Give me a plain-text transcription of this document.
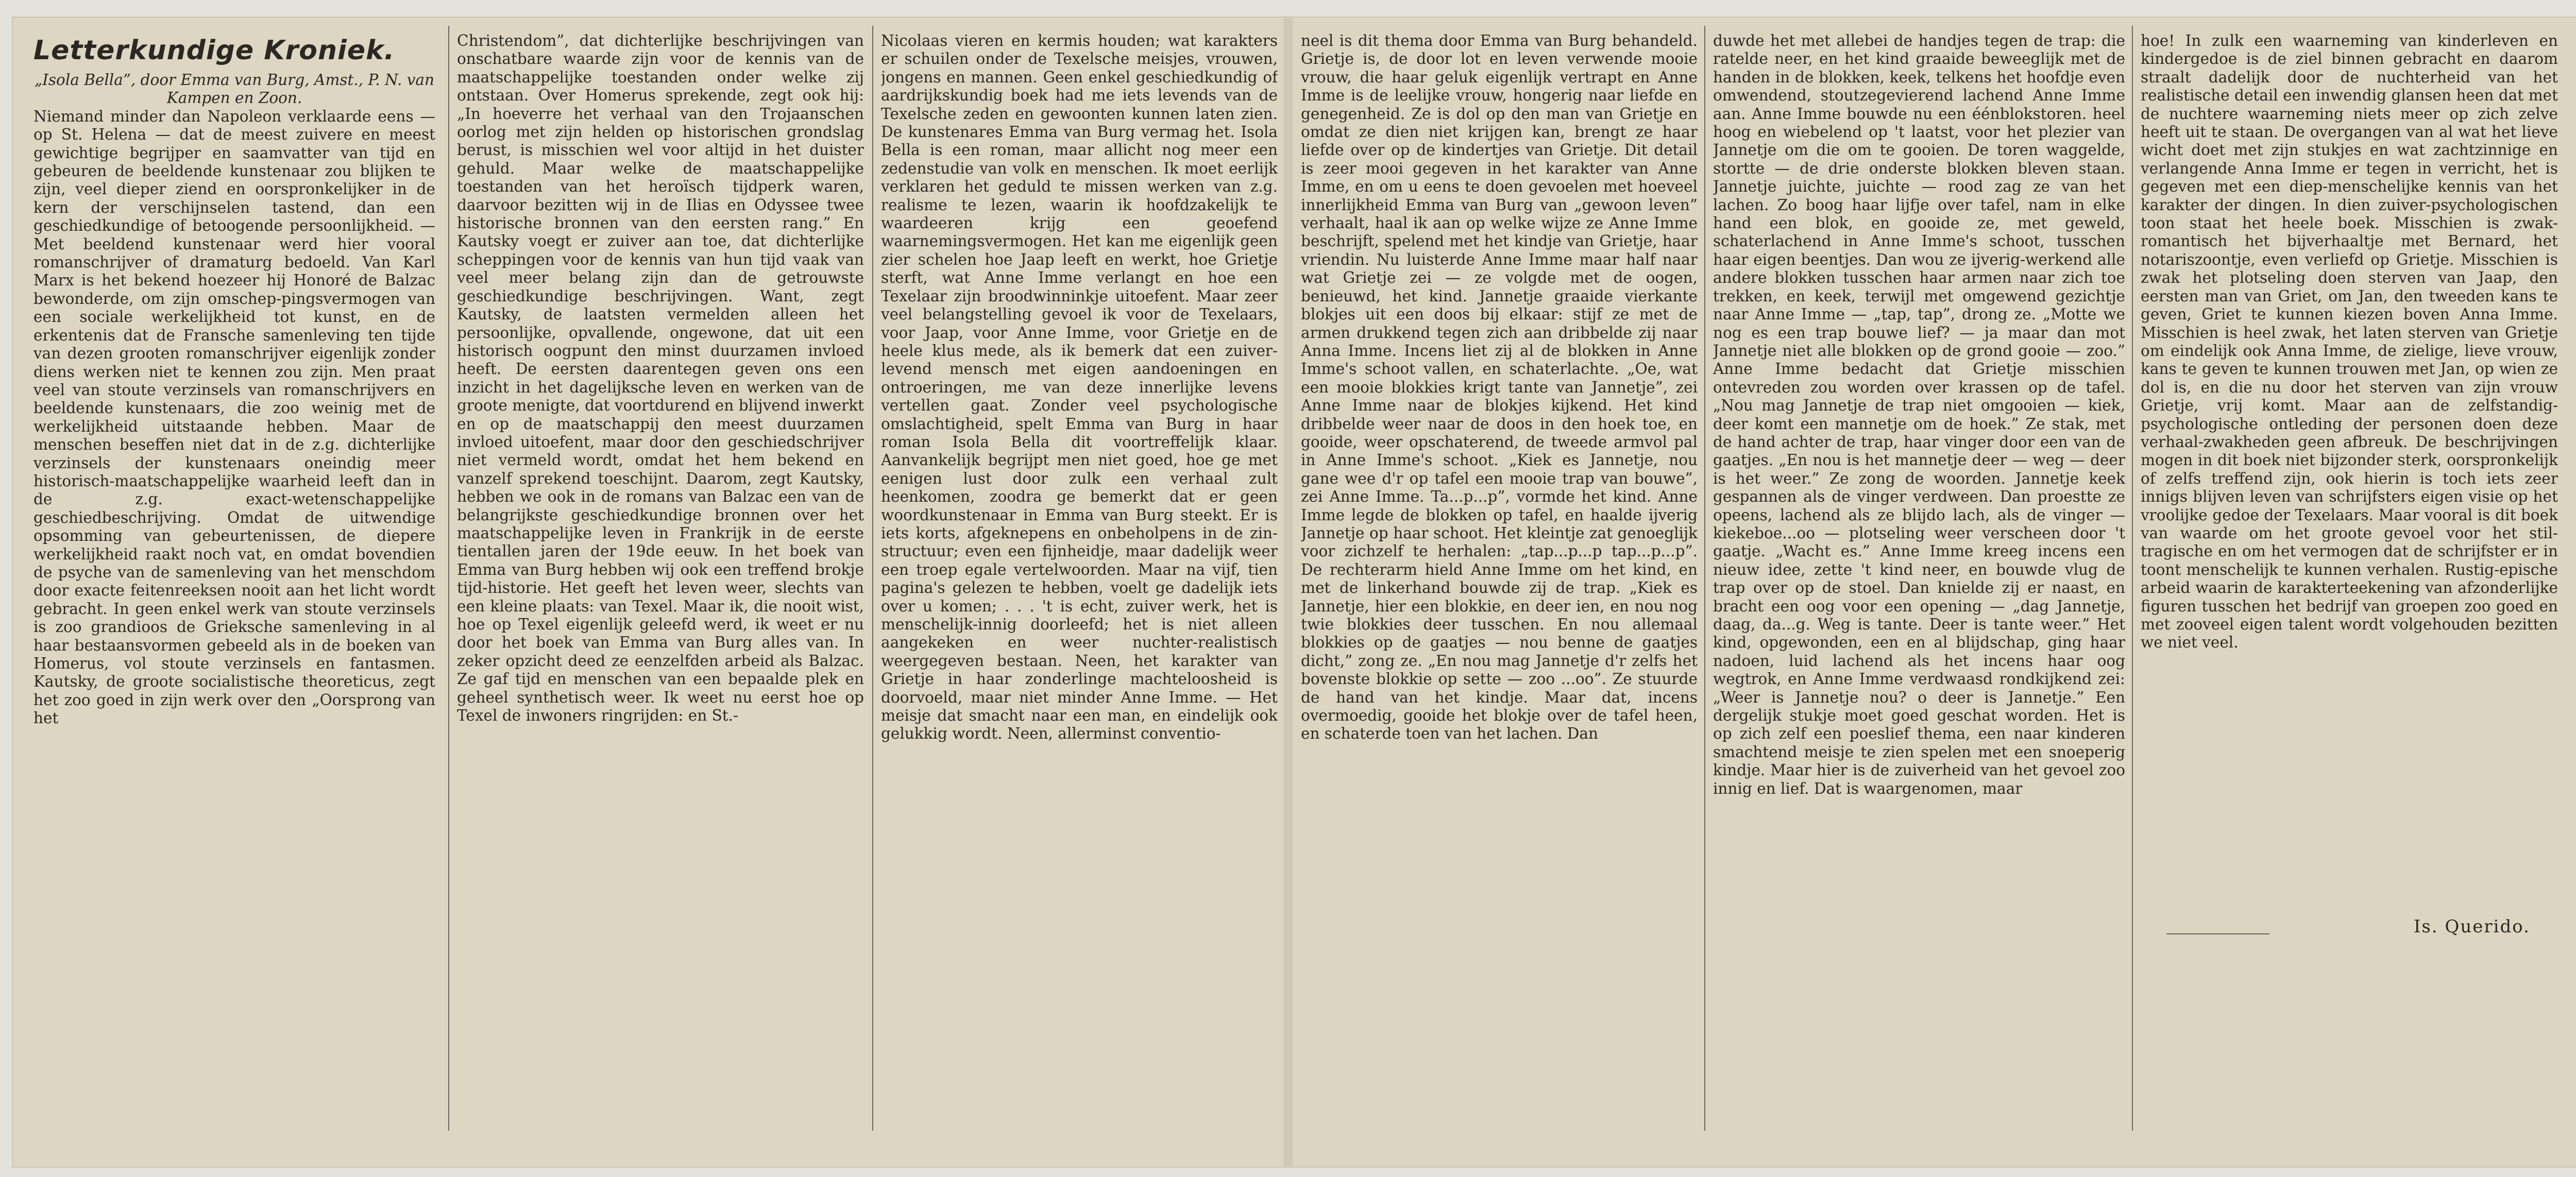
Letterkundige Kroniek.

„Isola Bella”, door Emma van Burg, Amst., P. N. van Kampen en Zoon.

Niemand minder dan Napoleon verklaarde eens — op St. Helena — dat de meest zuivere en meest gewichtige begrijper en saamvatter van tijd en gebeuren de beeldende kunstenaar zou blijken te zijn, veel dieper ziend en oorspronkelijker in de kern der verschijnselen tastend, dan een geschiedkundige of betoogende persoonlijkheid. — Met beeldend kunstenaar werd hier vooral romanschrijver of dramaturg bedoeld. Van Karl Marx is het bekend hoezeer hij Honoré de Balzac bewonderde, om zijn omschep-pingsvermogen van een sociale werkelijkheid tot kunst, en de erkentenis dat de Fransche samenleving ten tijde van dezen grooten romanschrijver eigenlijk zonder diens werken niet te kennen zou zijn. Men praat veel van stoute verzinsels van romanschrijvers en beeldende kunstenaars, die zoo weinig met de werkelijkheid uitstaande hebben. Maar de menschen beseffen niet dat in de z.g. dichterlijke verzinsels der kunstenaars oneindig meer historisch-maatschappelijke waarheid leeft dan in de z.g. exact-wetenschappelijke geschiedbeschrijving. Omdat de uitwendige opsomming van gebeurtenissen, de diepere werkelijkheid raakt noch vat, en omdat bovendien de psyche van de samenleving van het menschdom door exacte feitenreeksen nooit aan het licht wordt gebracht. In geen enkel werk van stoute verzinsels is zoo grandioos de Grieksche samenleving in al haar bestaansvormen gebeeld als in de boeken van Homerus, vol stoute verzinsels en fantasmen. Kautsky, de groote socialistische theoreticus, zegt het zoo goed in zijn werk over den „Oorsprong van het

Christendom”, dat dichterlijke beschrijvingen van onschatbare waarde zijn voor de kennis van de maatschappelijke toestanden onder welke zij ontstaan. Over Homerus sprekende, zegt ook hij: „In hoeverre het verhaal van den Trojaanschen oorlog met zijn helden op historischen grondslag berust, is misschien wel voor altijd in het duister gehuld. Maar welke de maatschappelijke toestanden van het heroïsch tijdperk waren, daarvoor bezitten wij in de Ilias en Odyssee twee historische bronnen van den eersten rang.” En Kautsky voegt er zuiver aan toe, dat dichterlijke scheppingen voor de kennis van hun tijd vaak van veel meer belang zijn dan de getrouwste geschiedkundige beschrijvingen. Want, zegt Kautsky, de laatsten vermelden alleen het persoonlijke, opvallende, ongewone, dat uit een historisch oogpunt den minst duurzamen invloed heeft. De eersten daarentegen geven ons een inzicht in het dagelijksche leven en werken van de groote menigte, dat voortdurend en blijvend inwerkt en op de maatschappij den meest duurzamen invloed uitoefent, maar door den geschiedschrijver niet vermeld wordt, omdat het hem bekend en vanzelf sprekend toeschijnt. Daarom, zegt Kautsky, hebben we ook in de romans van Balzac een van de belangrijkste geschiedkundige bronnen over het maatschappelijke leven in Frankrijk in de eerste tientallen jaren der 19de eeuw. In het boek van Emma van Burg hebben wij ook een treffend brokje tijd-historie. Het geeft het leven weer, slechts van een kleine plaats: van Texel. Maar ik, die nooit wist, hoe op Texel eigenlijk geleefd werd, ik weet er nu door het boek van Emma van Burg alles van. In zeker opzicht deed ze eenzelfden arbeid als Balzac. Ze gaf tijd en menschen van een bepaalde plek en geheel synthetisch weer. Ik weet nu eerst hoe op Texel de inwoners ringrijden: en St.-

Nicolaas vieren en kermis houden; wat karakters er schuilen onder de Texelsche meisjes, vrouwen, jongens en mannen. Geen enkel geschiedkundig of aardrijkskundig boek had me iets levends van de Texelsche zeden en gewoonten kunnen laten zien. De kunstenares Emma van Burg vermag het. Isola Bella is een roman, maar allicht nog meer een zedenstudie van volk en menschen. Ik moet eerlijk verklaren het geduld te missen werken van z.g. realisme te lezen, waarin ik hoofdzakelijk te waardeeren krijg een geoefend waarnemingsvermogen. Het kan me eigenlijk geen zier schelen hoe Jaap leeft en werkt, hoe Grietje sterft, wat Anne Imme verlangt en hoe een Texelaar zijn broodwinninkje uitoefent. Maar zeer veel belangstelling gevoel ik voor de Texelaars, voor Jaap, voor Anne Imme, voor Grietje en de heele klus mede, als ik bemerk dat een zuiver-levend mensch met eigen aandoeningen en ontroeringen, me van deze innerlijke levens vertellen gaat. Zonder veel psychologische omslachtigheid, spelt Emma van Burg in haar roman Isola Bella dit voortreffelijk klaar. Aanvankelijk begrijpt men niet goed, hoe ge met eenigen lust door zulk een verhaal zult heenkomen, zoodra ge bemerkt dat er geen woordkunstenaar in Emma van Burg steekt. Er is iets korts, afgeknepens en onbeholpens in de zin-structuur; even een fijnheidje, maar dadelijk weer een troep egale vertelwoorden. Maar na vijf, tien pagina's gelezen te hebben, voelt ge dadelijk iets over u komen; . . . 't is echt, zuiver werk, het is menschelijk-innig doorleefd; het is niet alleen aangekeken en weer nuchter-realistisch weergegeven bestaan. Neen, het karakter van Grietje in haar zonderlinge machteloosheid is doorvoeld, maar niet minder Anne Imme. — Het meisje dat smacht naar een man, en eindelijk ook gelukkig wordt. Neen, allerminst conventio-

neel is dit thema door Emma van Burg behandeld. Grietje is, de door lot en leven verwende mooie vrouw, die haar geluk eigenlijk vertrapt en Anne Imme is de leelijke vrouw, hongerig naar liefde en genegenheid. Ze is dol op den man van Grietje en omdat ze dien niet krijgen kan, brengt ze haar liefde over op de kindertjes van Grietje. Dit detail is zeer mooi gegeven in het karakter van Anne Imme, en om u eens te doen gevoelen met hoeveel innerlijkheid Emma van Burg van „gewoon leven” verhaalt, haal ik aan op welke wijze ze Anne Imme beschrijft, spelend met het kindje van Grietje, haar vriendin. Nu luisterde Anne Imme maar half naar wat Grietje zei — ze volgde met de oogen, benieuwd, het kind. Jannetje graaide vierkante blokjes uit een doos bij elkaar: stijf ze met de armen drukkend tegen zich aan dribbelde zij naar Anna Imme. Incens liet zij al de blokken in Anne Imme's schoot vallen, en schaterlachte. „Oe, wat een mooie blokkies krigt tante van Jannetje”, zei Anne Imme naar de blokjes kijkend. Het kind dribbelde weer naar de doos in den hoek toe, en gooide, weer opschaterend, de tweede armvol pal in Anne Imme's schoot. „Kiek es Jannetje, nou gane wee d'r op tafel een mooie trap van bouwe”, zei Anne Imme. Ta...p...p”, vormde het kind. Anne Imme legde de blokken op tafel, en haalde ijverig Jannetje op haar schoot. Het kleintje zat genoeglijk voor zichzelf te herhalen: „tap...p...p tap...p...p”. De rechterarm hield Anne Imme om het kind, en met de linkerhand bouwde zij de trap. „Kiek es Jannetje, hier een blokkie, en deer ien, en nou nog twie blokkies deer tusschen. En nou allemaal blokkies op de gaatjes — nou benne de gaatjes dicht,” zong ze. „En nou mag Jannetje d'r zelfs het bovenste blokkie op sette — zoo ...oo”. Ze stuurde de hand van het kindje. Maar dat, incens overmoedig, gooide het blokje over de tafel heen, en schaterde toen van het lachen. Dan

duwde het met allebei de handjes tegen de trap: die ratelde neer, en het kind graaide beweeglijk met de handen in de blokken, keek, telkens het hoofdje even omwendend, stoutzegevierend lachend Anne Imme aan. Anne Imme bouwde nu een éénblokstoren. heel hoog en wiebelend op 't laatst, voor het plezier van Jannetje om die om te gooien. De toren waggelde, stortte — de drie onderste blokken bleven staan. Jannetje juichte, juichte — rood zag ze van het lachen. Zo boog haar lijfje over tafel, nam in elke hand een blok, en gooide ze, met geweld, schaterlachend in Anne Imme's schoot, tusschen haar eigen beentjes. Dan wou ze ijverig-werkend alle andere blokken tusschen haar armen naar zich toe trekken, en keek, terwijl met omgewend gezichtje naar Anne Imme — „tap, tap”, drong ze. „Motte we nog es een trap bouwe lief? — ja maar dan mot Jannetje niet alle blokken op de grond gooie — zoo.” Anne Imme bedacht dat Grietje misschien ontevreden zou worden over krassen op de tafel. „Nou mag Jannetje de trap niet omgooien — kiek, deer komt een mannetje om de hoek.” Ze stak, met de hand achter de trap, haar vinger door een van de gaatjes. „En nou is het mannetje deer — weg — deer is het weer.” Ze zong de woorden. Jannetje keek gespannen als de vinger verdween. Dan proestte ze opeens, lachend als ze blijdo lach, als de vinger — kiekeboe...oo — plotseling weer verscheen door 't gaatje. „Wacht es.” Anne Imme kreeg incens een nieuw idee, zette 't kind neer, en bouwde vlug de trap over op de stoel. Dan knielde zij er naast, en bracht een oog voor een opening — „dag Jannetje, daag, da...g. Weg is tante. Deer is tante weer.” Het kind, opgewonden, een en al blijdschap, ging haar nadoen, luid lachend als het incens haar oog wegtrok, en Anne Imme verdwaasd rondkijkend zei: „Weer is Jannetje nou? o deer is Jannetje.” Een dergelijk stukje moet goed geschat worden. Het is op zich zelf een poeslief thema, een naar kinderen smachtend meisje te zien spelen met een snoeperig kindje. Maar hier is de zuiverheid van het gevoel zoo innig en lief. Dat is waargenomen, maar

hoe! In zulk een waarneming van kinderleven en kindergedoe is de ziel binnen gebracht en daarom straalt dadelijk door de nuchterheid van het realistische detail een inwendig glansen heen dat met de nuchtere waarneming niets meer op zich zelve heeft uit te staan. De overgangen van al wat het lieve wicht doet met zijn stukjes en wat zachtzinnige en verlangende Anna Imme er tegen in verricht, het is gegeven met een diep-menschelijke kennis van het karakter der dingen. In dien zuiver-psychologischen toon staat het heele boek. Misschien is zwak-romantisch het bijverhaaltje met Bernard, het notariszoontje, even verliefd op Grietje. Misschien is zwak het plotseling doen sterven van Jaap, den eersten man van Griet, om Jan, den tweeden kans te geven, Griet te kunnen kiezen boven Anna Imme. Misschien is heel zwak, het laten sterven van Grietje om eindelijk ook Anna Imme, de zielige, lieve vrouw, kans te geven te kunnen trouwen met Jan, op wien ze dol is, en die nu door het sterven van zijn vrouw Grietje, vrij komt. Maar aan de zelfstandig-psychologische ontleding der personen doen deze verhaal-zwakheden geen afbreuk. De beschrijvingen mogen in dit boek niet bijzonder sterk, oorspronkelijk of zelfs treffend zijn, ook hierin is toch iets zeer innigs blijven leven van schrijfsters eigen visie op het vroolijke gedoe der Texelaars. Maar vooral is dit boek van waarde om het groote gevoel voor het stil-tragische en om het vermogen dat de schrijfster er in toont menschelijk te kunnen verhalen. Rustig-epische arbeid waarin de karakterteekening van afzonderlijke figuren tusschen het bedrijf van groepen zoo goed en met zooveel eigen talent wordt volgehouden bezitten we niet veel.

Is. Querido.
